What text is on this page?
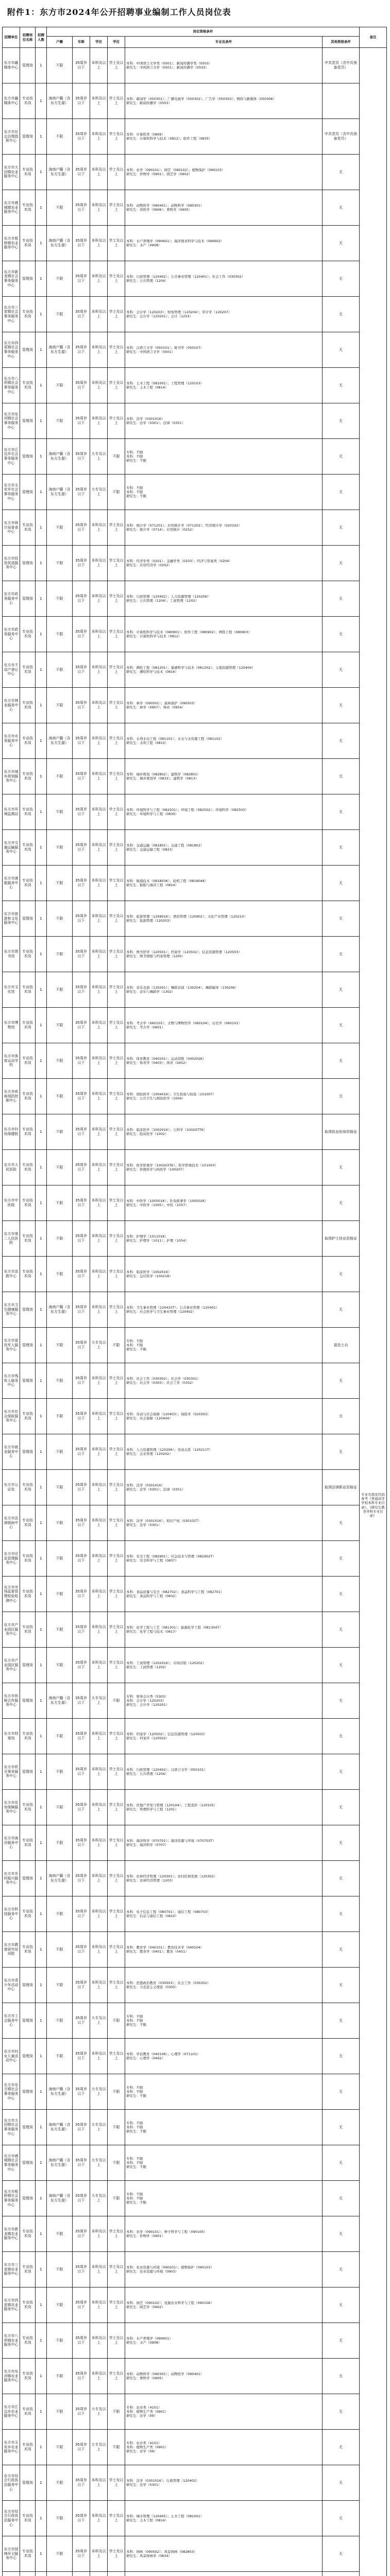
附件1：东方市2024年公开招聘事业编制工作人员岗位表
招聘单位	招聘岗位名称	招聘人数	岗位资格条件						备注
			户籍	年龄	学历	学位	专业及条件	其他资格条件	
东方市融媒体中心	管理岗	1	不限	35周岁以下	本科及以上	学士及以上	本科：中国语言文学类（0501）；新闻传播学类（0503）
研究生：中国语言文学（0501）；新闻传播学（0503）	中共党员（含中共预备党员）	专业名称及代码参考《普通高等学校本科专业目录》、《研究生教育学科专业目录》
东方市融媒体中心	专业技术岗	1	海南户籍（含东方生源）	35周岁以下	本科及以上	学士及以上	本科：新闻学（050301）；广播电视学（050302）；广告学（050303）；网络与新媒体（050306）
研究生：新闻传播学（0503）		
东方市社会治理指挥中心	管理岗	1	不限	35周岁以下	本科及以上	学士及以上	本科：计算机类（0809）
研究生：计算机科学与技术（0812）；软件工程（0835）	中共党员（含中共预备党员）	
东方市大田镇农业服务中心	专业技术岗	1	海南户籍（含东方生源）	35周岁以下	本科及以上	学士及以上	本科：农学（090101）；园艺（090102）；植物保护（090103）
研究生：作物学（0901）；园艺学（0902）	无	
东方市感城镇农业服务中心	专业技术岗	1	不限	35周岁以下	本科及以上	学士及以上	本科：动物医学（090401）；动物科学（090301）
研究生：兽医学（0906）；畜牧学（0905）	无	
东方市板桥镇农业服务中心	专业技术岗	1	海南户籍（含东方生源）	35周岁以下	本科及以上	学士及以上	本科：水产养殖学（090601）；海洋渔业科学与技术（090602）
研究生：水产（0908）	无	
东方市新龙镇社会事务服务中心	管理岗	1	不限	35周岁以下	本科及以上	学士及以上	本科：行政管理（120402）；公共事业管理（120401）；社会工作（030302）
研究生：公共管理（1204）	无	
东方市三家镇社会事务服务中心	专业技术岗	1	不限	35周岁以下	本科及以上	学士及以上	本科：会计学（120203）；财务管理（120204）；审计学（120207）
研究生：会计学（120201）；会计（1253）	无	
东方市四更镇社会事务服务中心	管理岗	1	海南户籍（含东方生源）	35周岁以下	本科及以上	学士及以上	本科：汉语言文学（050101）；秘书学（050107）
研究生：中国语言文学（0501）	无	
东方市八所镇社会事务服务中心	专业技术岗	1	不限	35周岁以下	本科及以上	学士及以上	本科：土木工程（081001）；工程管理（120103）
研究生：土木工程（0814）	无	
东方市东河镇社会事务服务中心	管理岗	1	不限	35周岁以下	本科及以上	学士及以上	本科：法学（030101K）
研究生：法学（0301）；法律（0351）	无	
东方市江边乡社会事务服务中心	管理岗	1	海南户籍（含东方生源）	35周岁以下	大专及以上	不限	专科：不限
本科：不限
研究生：不限	无	
东方市天安乡社会事务服务中心	管理岗	1	海南户籍（含东方生源）	35周岁以下	大专及以上	不限	专科：不限
本科：不限
研究生：不限	无	
东方市统计局普查中心	专业技术岗	1	不限	35周岁以下	本科及以上	学士及以上	本科：统计学（071201）；应用统计学（071202）；经济统计学（020102）
研究生：统计学（0714）；应用统计（0252）	无	
东方市投资促进服务中心	管理岗	1	不限	35周岁以下	本科及以上	学士及以上	本科：经济学类（0201）；金融学类（0203）；经济与贸易类（0204）
研究生：应用经济学（0202）	无	
东方市政务服务中心	管理岗	1	不限	35周岁以下	本科及以上	学士及以上	本科：行政管理（120402）；人力资源管理（120206）
研究生：公共管理（1204）；工商管理（1202）	无	
东方市政务服务中心	专业技术岗	1	不限	35周岁以下	本科及以上	学士及以上	本科：计算机科学与技术（080901）；软件工程（080902）；网络工程（080903）
研究生：计算机科学与技术（0812）	无	
东方市不动产登记中心	专业技术岗	1	不限	35周岁以下	本科及以上	学士及以上	本科：测绘工程（081201）；遥感科学与技术（081202）；土地资源管理（120404）
研究生：测绘科学与技术（0816）	无	
东方市林业服务中心	专业技术岗	1	不限	35周岁以下	本科及以上	学士及以上	本科：林学（090501）；森林保护（090503）
研究生：林学（0907）；林业（0954）	无	
东方市水务服务中心	专业技术岗	1	海南户籍（含东方生源）	35周岁以下	本科及以上	学士及以上	本科：水利水电工程（081101）；水文与水资源工程（081102）
研究生：水利工程（0815）	无	
东方市城乡规划服务中心	专业技术岗	1	不限	35周岁以下	本科及以上	学士及以上	本科：城乡规划（082802）；建筑学（082801）
研究生：城乡规划学（0833）；建筑学（0813）	无	
东方市环境监测站	专业技术岗	1	不限	35周岁以下	本科及以上	学士及以上	本科：环境科学与工程（082501）；环境工程（082502）；环境科学（082503）
研究生：环境科学与工程（0830）	无	
东方市交通运输服务中心	专业技术岗	1	不限	35周岁以下	本科及以上	学士及以上	本科：交通运输（081801）；交通工程（081802）
研究生：交通运输工程（0823）	无	
东方市港航服务中心	专业技术岗	1	不限	35周岁以下	本科及以上	学士及以上	本科：航海技术（081803K）；轮机工程（081804K）
研究生：船舶与海洋工程（0824）	无	
东方市旅游和文化服务中心	管理岗	1	不限	35周岁以下	本科及以上	学士及以上	本科：旅游管理（120901K）；酒店管理（120902）；文化产业管理（120210）
研究生：旅游管理（120203）	无	
东方市图书馆	专业技术岗	1	不限	35周岁以下	本科及以上	学士及以上	本科：图书馆学（120501）；档案学（120502）；信息资源管理（120503）
研究生：图书情报与档案管理（1205）	无	
东方市文化馆	专业技术岗	1	不限	35周岁以下	本科及以上	学士及以上	本科：音乐表演（130201）；舞蹈表演（130204）；舞蹈编导（130206）
研究生：音乐与舞蹈学（1302）	无	
东方市博物馆	专业技术岗	1	不限	35周岁以下	本科及以上	学士及以上	本科：考古学（060103）；文物与博物馆学（060104）；历史学（060101）
研究生：考古学（0601）	无	
东方市体育运动学校	专业技术岗	1	不限	35周岁以下	本科及以上	学士及以上	本科：体育教育（040201）；运动训练（040202K）
研究生：体育学（0403）；体育（0452）	无	
东方市疾病预防控制中心	专业技术岗	1	不限	35周岁以下	本科及以上	学士及以上	本科：预防医学（100401K）；卫生检验与检疫（101007）
研究生：公共卫生与预防医学（1004）	无	
东方市妇幼保健院	专业技术岗	1	不限	35周岁以下	本科及以上	学士及以上	本科：临床医学（100201K）；儿科学（100207TK）
研究生：临床医学（1002）	取得执业医师资格证	
东方市人民医院	专业技术岗	1	不限	35周岁以下	本科及以上	学士及以上	本科：医学影像学（100203TK）；医学影像技术（101003）
研究生：影像医学与核医学（100207）	无	
东方市中医院	专业技术岗	1	不限	35周岁以下	本科及以上	学士及以上	本科：中医学（100501K）；针灸推拿学（100502K）
研究生：中医学（1005）；中医（1057）	无	
东方市第二人民医院	专业技术岗	1	不限	35周岁以下	本科及以上	学士及以上	本科：护理学（101101K）
研究生：护理学（1011）；护理（1054）	取得护士执业资格证	
东方市急救中心	专业技术岗	1	不限	35周岁以下	本科及以上	学士及以上	本科：临床医学（100201K）
研究生：急诊医学（100218）	无	
东方市卫生健康服务中心	管理岗	1	海南户籍（含东方生源）	35周岁以下	本科及以上	学士及以上	本科：卫生事业管理（120410T）；公共事业管理（120401）
研究生：社会医学与卫生事业管理（120402）	无	
东方市退役军人服务中心	管理岗	1	不限	35周岁以下	大专及以上	不限	专科：不限
本科：不限
研究生：不限	退役士兵	
东方市残疾人服务中心	管理岗	1	不限	35周岁以下	本科及以上	学士及以上	本科：社会工作（030302）；社会学（030301）
研究生：社会学（0303）；社会工作（0352）	无	
东方市社会保险服务中心	专业技术岗	1	不限	35周岁以下	本科及以上	学士及以上	本科：劳动与社会保障（120403）；保险学（020303）
研究生：社会保障（120404）	无	
东方市就业服务中心	管理岗	1	不限	35周岁以下	本科及以上	学士及以上	本科：人力资源管理（120206）；劳动关系（120211T）
研究生：企业管理（120202）	无	
东方市公证处	专业技术岗	1	不限	35周岁以下	本科及以上	学士及以上	本科：法学（030101K）
研究生：法学（0301）；法律（0351）	取得法律职业资格证	
东方市法律援助中心	专业技术岗	1	不限	35周岁以下	本科及以上	学士及以上	本科：法学（030101K）；知识产权（030102T）
研究生：法学（0301）	无	
东方市应急管理服务中心	专业技术岗	1	不限	35周岁以下	本科及以上	学士及以上	本科：安全工程（082901）；应急技术与管理（082902T）
研究生：安全科学与工程（0837）	无	
东方市市场监督管理检验检测中心	专业技术岗	1	不限	35周岁以下	本科及以上	学士及以上	本科：食品质量与安全（082702）；食品科学与工程（082701）
研究生：食品科学与工程（0832）	无	
东方市产业园区服务中心	专业技术岗	1	不限	35周岁以下	本科及以上	学士及以上	本科：化学工程与工艺（081301）；能源化学工程（081304T）
研究生：化学工程与技术（0817）	无	
东方市产业园区服务中心	管理岗	1	不限	35周岁以下	本科及以上	学士及以上	本科：工商管理（120201K）；市场营销（120202）
研究生：工商管理（1202）	无	
东方市供销合作服务中心	管理岗	1	海南户籍（含东方生源）	35周岁以下	大专及以上	不限	专科：财务会计类（5303）
本科：会计学（120203）
研究生：会计学（120201）	无	
东方市档案馆	专业技术岗	1	不限	35周岁以下	本科及以上	学士及以上	本科：档案学（120502）；信息资源管理（120503）
研究生：档案学（120502）	无	
东方市机关事务服务中心	管理岗	1	不限	35周岁以下	本科及以上	学士及以上	本科：行政管理（120402）；汉语言文学（050101）
研究生：公共管理（1204）	无	
东方市住房保障服务中心	专业技术岗	1	不限	35周岁以下	本科及以上	学士及以上	本科：房地产开发与管理（120104）；工程造价（120105）
研究生：管理科学与工程（1201）	无	
东方市海洋服务中心	专业技术岗	1	不限	35周岁以下	本科及以上	学士及以上	本科：海洋科学（070701）；海洋资源与环境（070703T）
研究生：海洋科学（0707）	无	
东方市乡村振兴服务中心	管理岗	1	海南户籍（含东方生源）	35周岁以下	本科及以上	学士及以上	本科：农林经济管理（120301）；农村区域发展（120302）
研究生：农林经济管理（1203）	无	
东方市科技服务中心	专业技术岗	1	不限	35周岁以下	本科及以上	学士及以上	本科：电子信息工程（080701）；通信工程（080703）
研究生：信息与通信工程（0810）	无	
东方市教育研究培训院	专业技术岗	1	不限	35周岁以下	本科及以上	学士及以上	本科：教育学（040101）；教育技术学（040104）
研究生：教育学（0401）；教育（0451）	无	
东方市青少年活动中心	管理岗	1	不限	35周岁以下	本科及以上	学士及以上	本科：思想政治教育（030503）；社会工作（030302）
研究生：马克思主义理论（0305）	无	
东方市工会服务中心	管理岗	1	不限	35周岁以下	大专及以上	不限	专科：不限
本科：不限
研究生：不限	无	
东方市妇女儿童活动中心	管理岗	1	不限	35周岁以下	本科及以上	学士及以上	本科：学前教育（040106）；心理学（071101）
研究生：心理学（0402）	无	
东方市东方镇社会事务服务中心	管理岗	1	海南户籍（含东方生源）	35周岁以下	大专及以上	不限	专科：不限
本科：不限
研究生：不限	无	
东方市大田镇社会事务服务中心	管理岗	1	海南户籍（含东方生源）	35周岁以下	大专及以上	不限	专科：不限
本科：不限
研究生：不限	无	
东方市感城镇社会事务服务中心	管理岗	1	海南户籍（含东方生源）	35周岁以下	大专及以上	不限	专科：不限
本科：不限
研究生：不限	无	
东方市板桥镇社会事务服务中心	管理岗	1	海南户籍（含东方生源）	35周岁以下	大专及以上	不限	专科：不限
本科：不限
研究生：不限	无	
东方市新龙镇农业服务中心	专业技术岗	1	不限	35周岁以下	本科及以上	学士及以上	本科：农学（090101）；种子科学与工程（090105）
研究生：作物学（0901）	无	
东方市三家镇农业服务中心	专业技术岗	1	不限	35周岁以下	本科及以上	学士及以上	本科：农业资源与环境（090201）；植物保护（090103）
研究生：农业资源与环境（0903）	无	
东方市四更镇农业服务中心	专业技术岗	1	不限	35周岁以下	本科及以上	学士及以上	本科：园艺（090102）；设施农业科学与工程（090106）
研究生：园艺学（0902）	无	
东方市八所镇农业服务中心	专业技术岗	1	不限	35周岁以下	本科及以上	学士及以上	本科：水产养殖学（090601）
研究生：水产（0908）	无	
东方市东河镇农业服务中心	专业技术岗	1	不限	35周岁以下	本科及以上	学士及以上	本科：动物科学（090301）；动物医学（090401）
研究生：畜牧学（0905）	无	
东方市江边乡农业服务中心	专业技术岗	1	不限	35周岁以下	大专及以上	不限	专科：农业类（4101）
本科：植物生产类（0901）
研究生：农学（09）	无	
东方市天安乡农业服务中心	专业技术岗	1	不限	35周岁以下	大专及以上	不限	专科：农业类（4101）
本科：植物生产类（0901）
研究生：农学（09）	无	
东方市综合行政执法服务中心	管理岗	1	不限	35周岁以下	本科及以上	学士及以上	本科：法学（030101K）；行政管理（120402）
研究生：法学（0301）	无	
东方市综合行政执法服务中心	专业技术岗	1	不限	35周岁以下	本科及以上	学士及以上	本科：城市管理（120405）；土木工程（081001）
研究生：土木工程（0814）	无	
东方市园林环卫服务中心	专业技术岗	1	不限	35周岁以下	本科及以上	学士及以上	本科：园林（090502）；风景园林（082803）
研究生：风景园林学（0834）	无	
